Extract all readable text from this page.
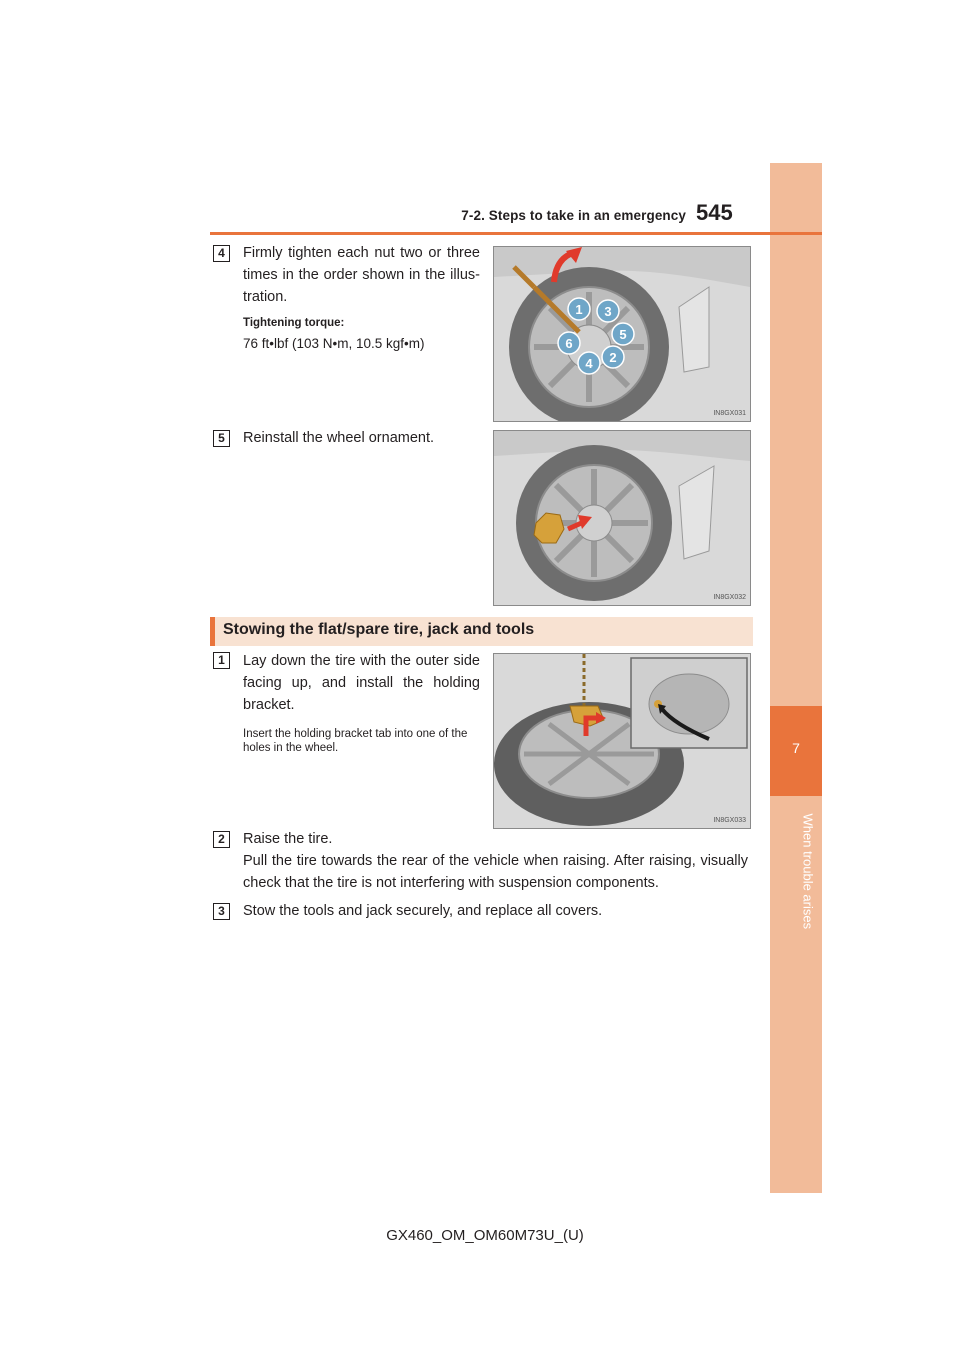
7
When trouble arises
7-2. Steps to take in an emergency 545
4	Firmly tighten each nut two or three times in the order shown in the illus-tration.
Tightening torque:
76 ft•lbf (103 N•m, 10.5 kgf•m)
1 3
5
2
4
6
IN8GX031
5	Reinstall the wheel ornament.
IN8GX032
Stowing the flat/spare tire, jack and tools
1	Lay down the tire with the outer side facing up, and install the holding bracket.
Insert the holding bracket tab into one of the holes in the wheel.
IN8GX033
2	Raise the tire.
Pull the tire towards the rear of the vehicle when raising. After raising, visually check that the tire is not interfering with suspension components.
3	Stow the tools and jack securely, and replace all covers.
GX460_OM_OM60M73U_(U)
